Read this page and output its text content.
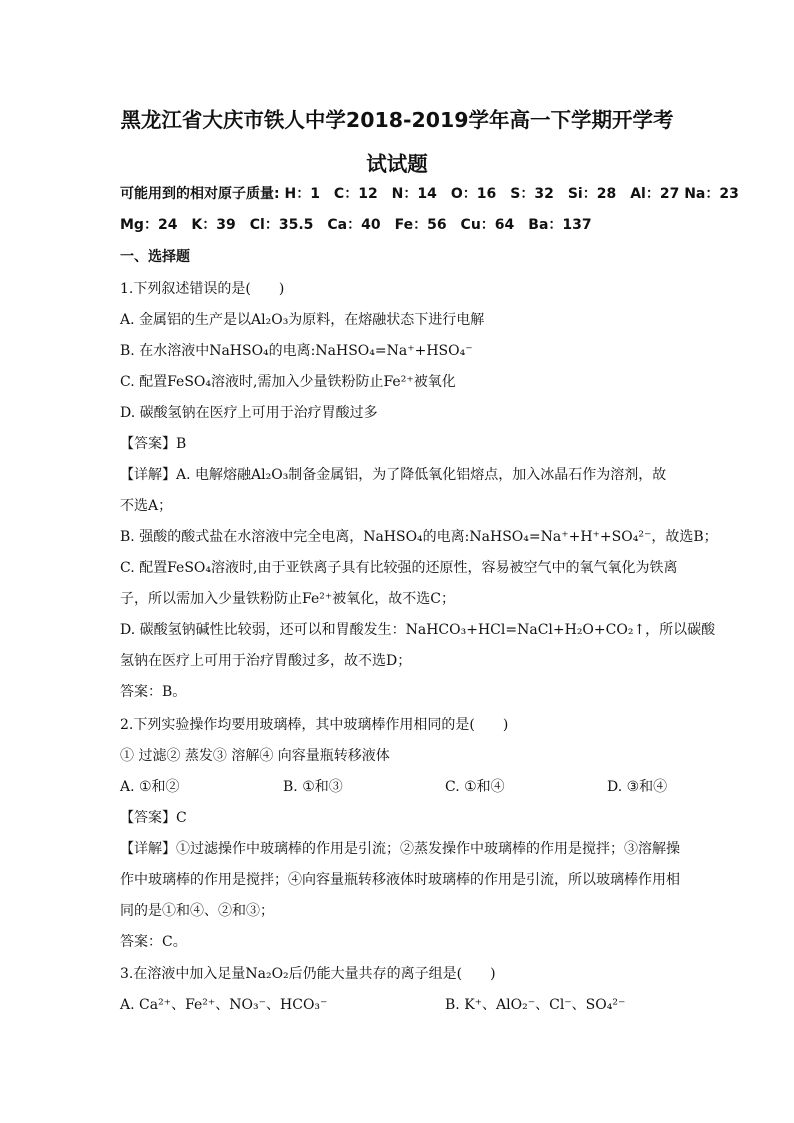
黑龙江省大庆市铁人中学2018-2019学年高一下学期开学考
试试题
可能用到的相对原子质量: H：1　C：12　N：14　O：16　S：32　Si：28　Al：27 Na：23
Mg：24　K：39　Cl：35.5　Ca：40　Fe：56　Cu：64　Ba：137
一、选择题
1.下列叙述错误的是(　　)
A. 金属铝的生产是以Al₂O₃为原料，在熔融状态下进行电解
B. 在水溶液中NaHSO₄的电离:NaHSO₄=Na⁺+HSO₄⁻
C. 配置FeSO₄溶液时,需加入少量铁粉防止Fe²⁺被氧化
D. 碳酸氢钠在医疗上可用于治疗胃酸过多
【答案】B
【详解】A. 电解熔融Al₂O₃制备金属铝，为了降低氧化铝熔点，加入冰晶石作为溶剂，故
不选A；
B. 强酸的酸式盐在水溶液中完全电离，NaHSO₄的电离:NaHSO₄=Na⁺+H⁺+SO₄²⁻，故选B；
C. 配置FeSO₄溶液时,由于亚铁离子具有比较强的还原性，容易被空气中的氧气氧化为铁离
子，所以需加入少量铁粉防止Fe²⁺被氧化，故不选C；
D. 碳酸氢钠碱性比较弱，还可以和胃酸发生：NaHCO₃+HCl=NaCl+H₂O+CO₂↑，所以碳酸
氢钠在医疗上可用于治疗胃酸过多，故不选D；
答案：B。
2.下列实验操作均要用玻璃棒，其中玻璃棒作用相同的是(　　)
① 过滤② 蒸发③ 溶解④ 向容量瓶转移液体
A. ①和②	B. ①和③	C. ①和④	D. ③和④
【答案】C
【详解】①过滤操作中玻璃棒的作用是引流；②蒸发操作中玻璃棒的作用是搅拌；③溶解操
作中玻璃棒的作用是搅拌；④向容量瓶转移液体时玻璃棒的作用是引流，所以玻璃棒作用相
同的是①和④、②和③；
答案：C。
3.在溶液中加入足量Na₂O₂后仍能大量共存的离子组是(　　)
A. Ca²⁺、Fe²⁺、NO₃⁻、HCO₃⁻	B. K⁺、AlO₂⁻、Cl⁻、SO₄²⁻
